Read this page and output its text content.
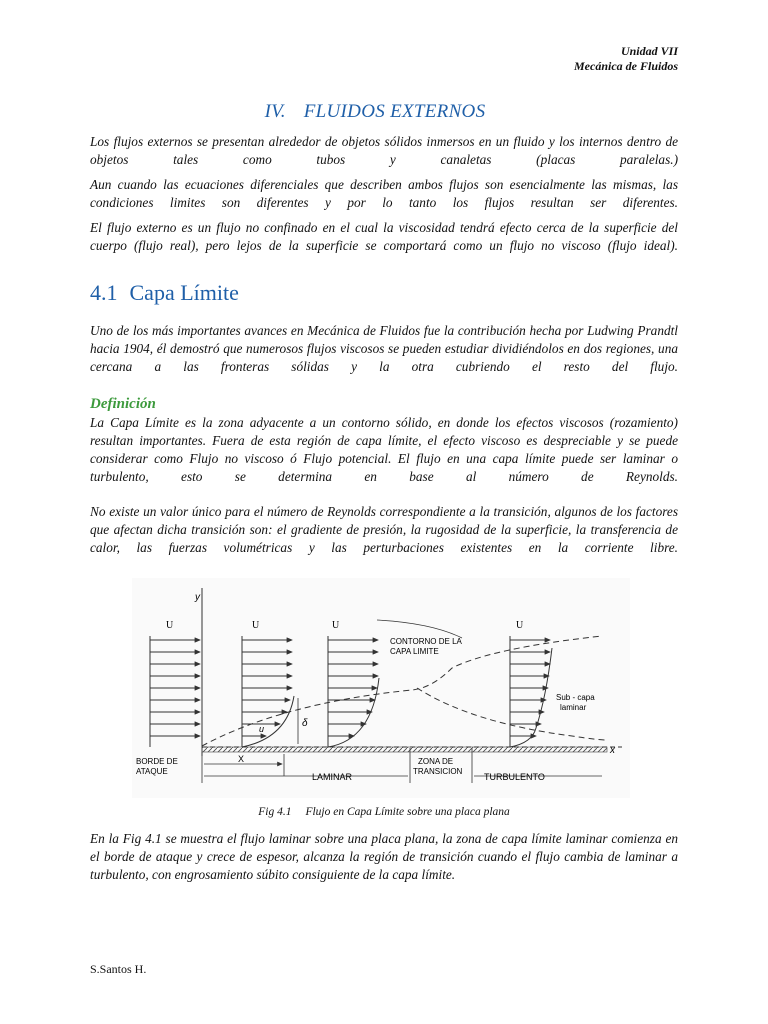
Unidad VII
Mecánica de Fluidos
IV. FLUIDOS EXTERNOS

Los flujos externos se presentan alrededor de objetos sólidos inmersos en un fluido y los internos dentro de objetos tales como tubos y canaletas (placas paralelas.)

Aun cuando las ecuaciones diferenciales que describen ambos flujos son esencialmente las mismas, las condiciones limites son diferentes y por lo tanto los flujos resultan ser diferentes.

El flujo externo es un flujo no confinado en el cual la viscosidad tendrá efecto cerca de la superficie del cuerpo (flujo real), pero lejos de la superficie se comportará como un flujo no viscoso (flujo ideal).

4.1 Capa Límite

Uno de los más importantes avances en Mecánica de Fluidos fue la contribución hecha por Ludwing Prandtl hacia 1904, él demostró que numerosos flujos viscosos se pueden estudiar dividiéndolos en dos regiones, una cercana a las fronteras sólidas y la otra cubriendo el resto del flujo.

Definición

La Capa Límite es la zona adyacente a un contorno sólido, en donde los efectos viscosos (rozamiento) resultan importantes. Fuera de esta región de capa límite, el efecto viscoso es despreciable y se puede considerar como Flujo no viscoso ó Flujo potencial. El flujo en una capa límite puede ser laminar o turbulento, esto se determina en base al número de Reynolds.

No existe un valor único para el número de Reynolds correspondiente a la transición, algunos de los factores que afectan dicha transición son: el gradiente de presión, la rugosidad de la superficie, la transferencia de calor, las fuerzas volumétricas y las perturbaciones existentes en la corriente libre.

y
x
U	U
u	δ
U	U
CONTORNO DE LA
CAPA LIMITE
Sub - capa
laminar
X
BORDE DE
ATAQUE
LAMINAR
ZONA DE
TRANSICION
TURBULENTO
Fig 4.1 Flujo en Capa Límite sobre una placa plana

En la Fig 4.1 se muestra el flujo laminar sobre una placa plana, la zona de capa límite laminar comienza en el borde de ataque y crece de espesor, alcanza la región de transición cuando el flujo cambia de laminar a turbulento, con engrosamiento súbito consiguiente de la capa límite.

S.Santos H.
